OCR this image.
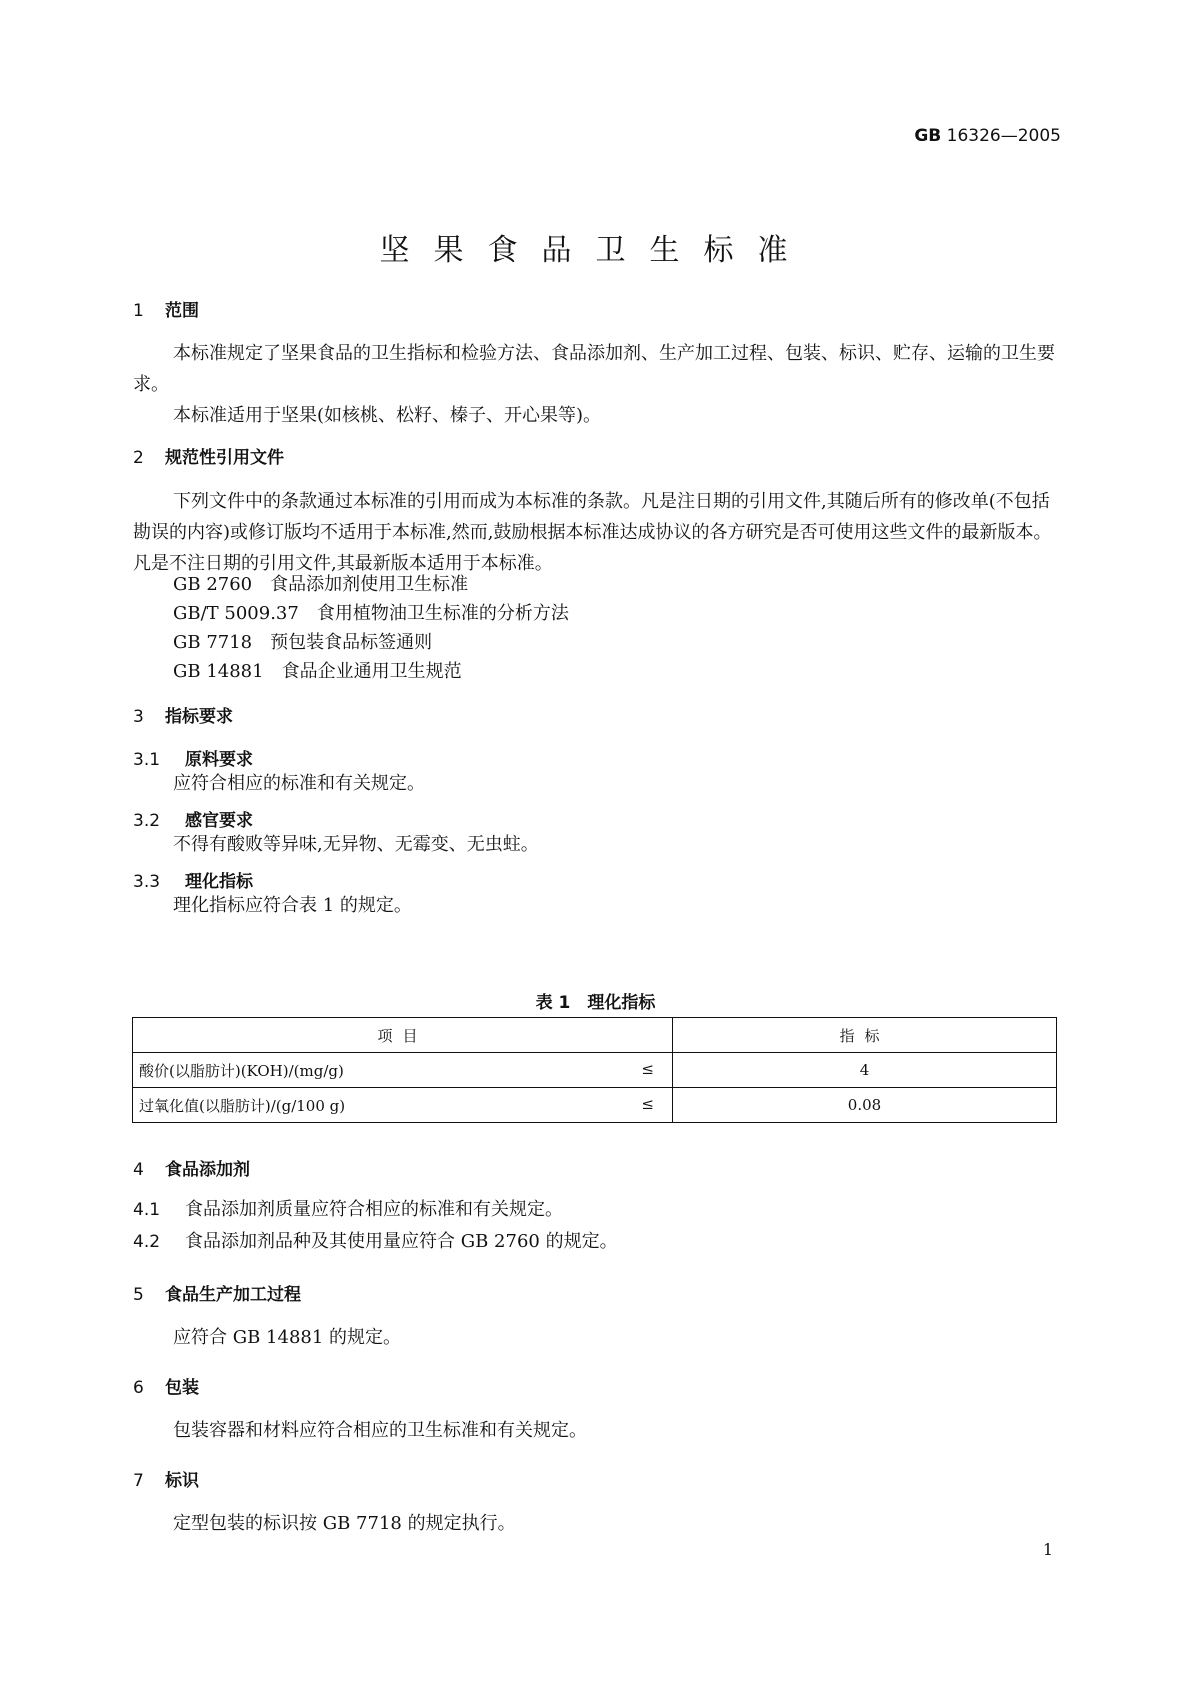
GB 16326—2005
坚果食品卫生标准
1 范围
本标准规定了坚果食品的卫生指标和检验方法、食品添加剂、生产加工过程、包装、标识、贮存、运输的卫生要求。
本标准适用于坚果(如核桃、松籽、榛子、开心果等)。
2 规范性引用文件
下列文件中的条款通过本标准的引用而成为本标准的条款。凡是注日期的引用文件,其随后所有的修改单(不包括勘误的内容)或修订版均不适用于本标准,然而,鼓励根据本标准达成协议的各方研究是否可使用这些文件的最新版本。凡是不注日期的引用文件,其最新版本适用于本标准。
GB 2760　 食品添加剂使用卫生标准
GB/T 5009.37　 食用植物油卫生标准的分析方法
GB 7718　 预包装食品标签通则
GB 14881　 食品企业通用卫生规范
3 指标要求
3.1 原料要求
应符合相应的标准和有关规定。
3.2 感官要求
不得有酸败等异味,无异物、无霉变、无虫蛀。
3.3 理化指标
理化指标应符合表 1 的规定。
表 1　理化指标
项目	指标
酸价(以脂肪计)(KOH)/(mg/g) ≤	4
过氧化值(以脂肪计)/(g/100 g) ≤	0.08
4 食品添加剂
4.1 食品添加剂质量应符合相应的标准和有关规定。
4.2 食品添加剂品种及其使用量应符合 GB 2760 的规定。
5 食品生产加工过程
应符合 GB 14881 的规定。
6 包装
包装容器和材料应符合相应的卫生标准和有关规定。
7 标识
定型包装的标识按 GB 7718 的规定执行。
1
